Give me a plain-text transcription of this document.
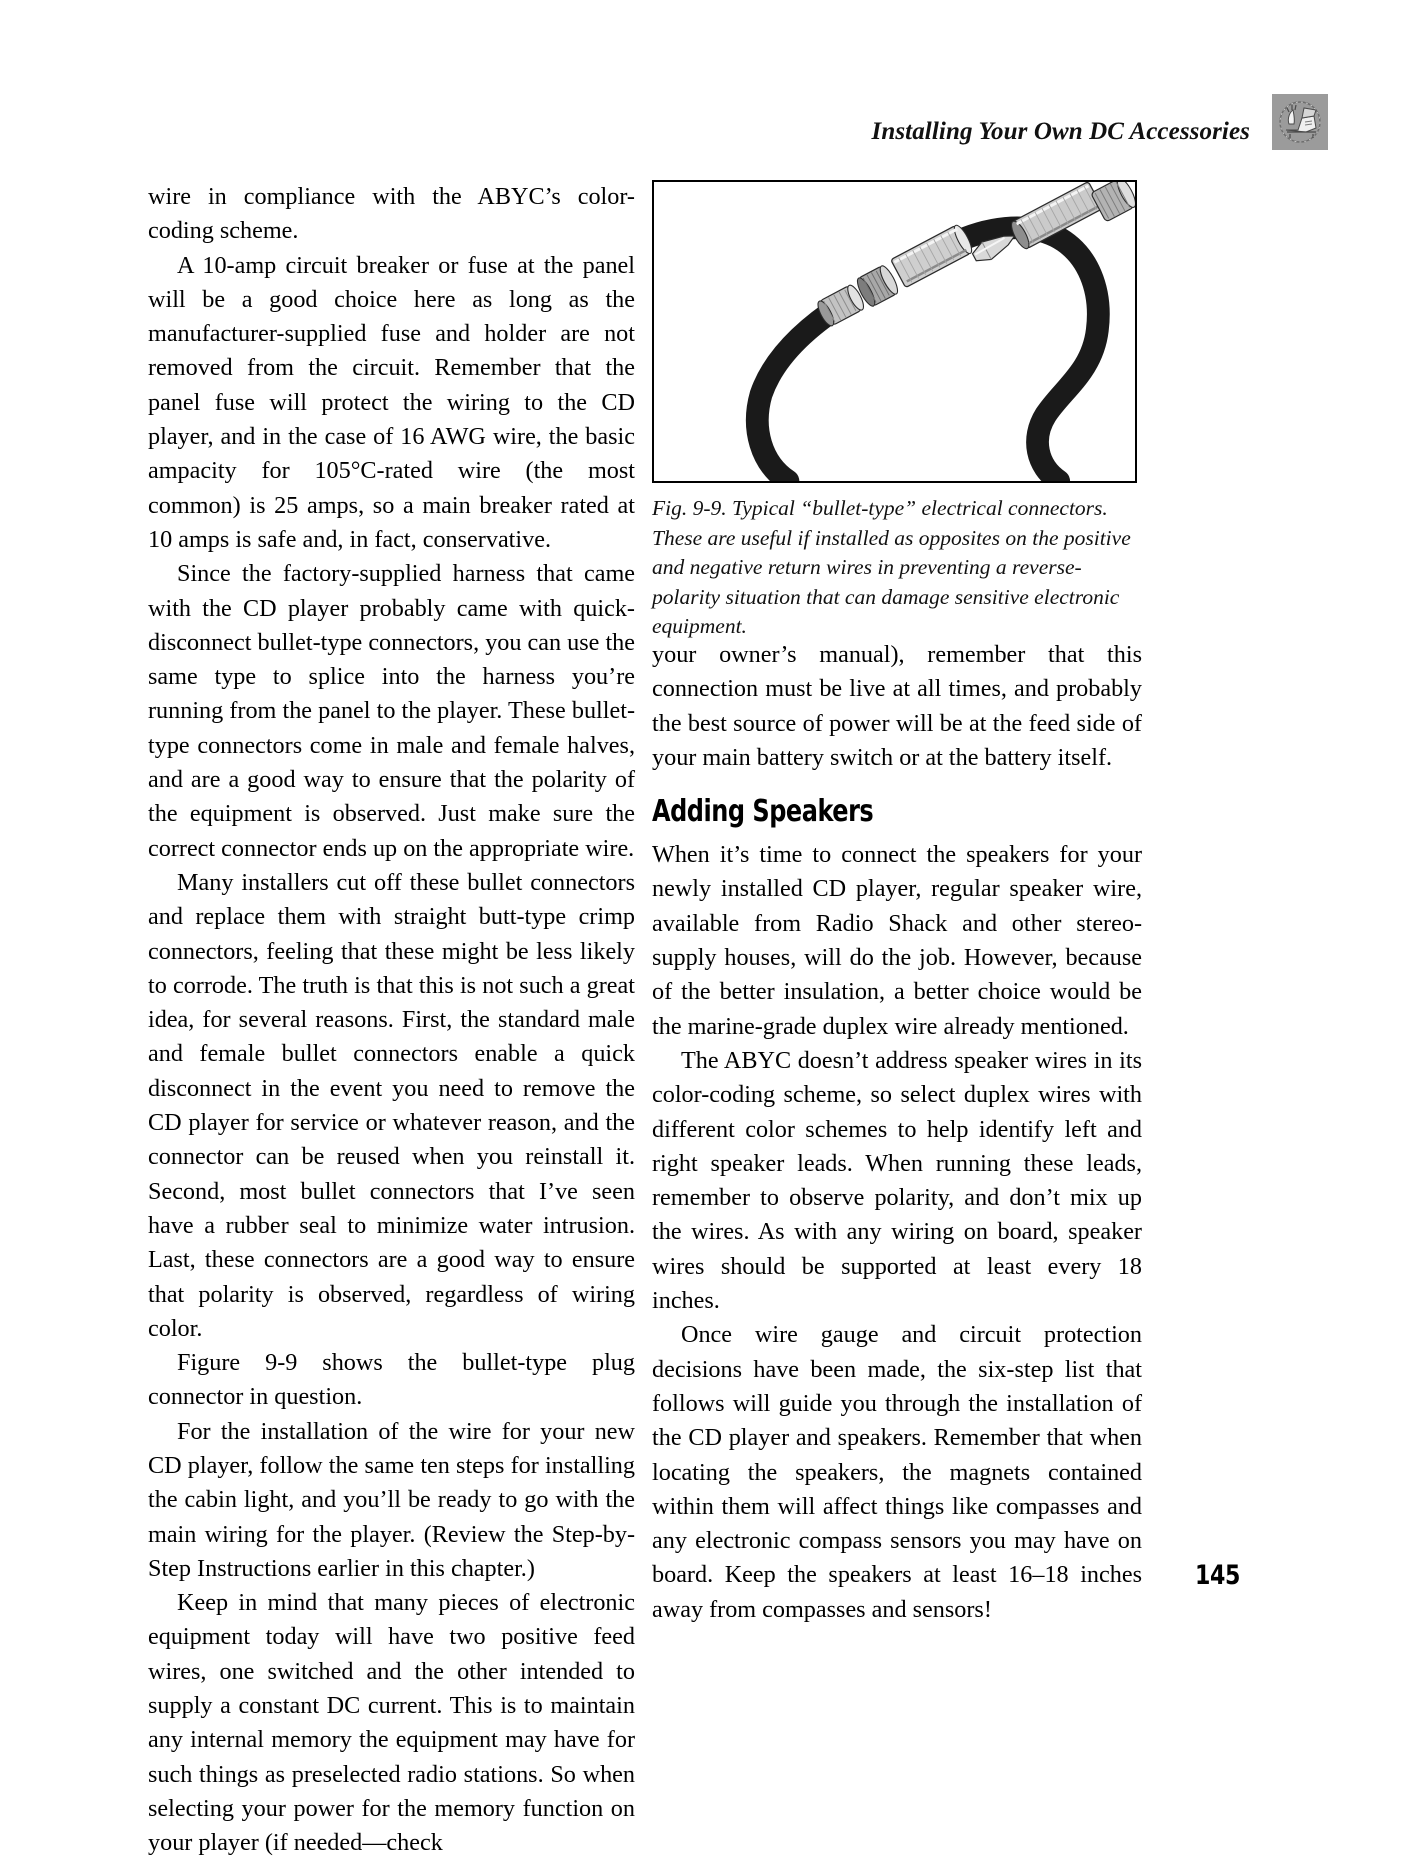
Installing Your Own DC Accessories
Fig. 9-9. Typical “bullet-type” electrical connectors. These are useful if installed as opposites on the positive and negative return wires in preventing a reverse-polarity situation that can damage sensitive electronic equipment.

wire in compliance with the ABYC’s color-coding scheme.

A 10-amp circuit breaker or fuse at the panel will be a good choice here as long as the manufacturer-supplied fuse and holder are not removed from the circuit. Remember that the panel fuse will protect the wiring to the CD player, and in the case of 16 AWG wire, the basic ampacity for 105°C-rated wire (the most common) is 25 amps, so a main breaker rated at 10 amps is safe and, in fact, conservative.

Since the factory-supplied harness that came with the CD player probably came with quick-disconnect bullet-type connectors, you can use the same type to splice into the harness you’re running from the panel to the player. These bullet-type connectors come in male and female halves, and are a good way to ensure that the polarity of the equipment is observed. Just make sure the correct connector ends up on the appropriate wire.

Many installers cut off these bullet connectors and replace them with straight butt-type crimp connectors, feeling that these might be less likely to corrode. The truth is that this is not such a great idea, for several reasons. First, the standard male and female bullet connectors enable a quick disconnect in the event you need to remove the CD player for service or whatever reason, and the connector can be reused when you reinstall it. Second, most bullet connectors that I’ve seen have a rubber seal to minimize water intrusion. Last, these connectors are a good way to ensure that polarity is observed, regardless of wiring color.

Figure 9-9 shows the bullet-type plug connector in question.

For the installation of the wire for your new CD player, follow the same ten steps for installing the cabin light, and you’ll be ready to go with the main wiring for the player. (Review the Step-by-Step Instructions earlier in this chapter.)

Keep in mind that many pieces of electronic equipment today will have two positive feed wires, one switched and the other intended to supply a constant DC current. This is to maintain any internal memory the equipment may have for such things as preselected radio stations. So when selecting your power for the memory function on your player (if needed—check

your owner’s manual), remember that this connection must be live at all times, and probably the best source of power will be at the feed side of your main battery switch or at the battery itself.

Adding Speakers

When it’s time to connect the speakers for your newly installed CD player, regular speaker wire, available from Radio Shack and other stereo-supply houses, will do the job. However, because of the better insulation, a better choice would be the marine-grade duplex wire already mentioned.

The ABYC doesn’t address speaker wires in its color-coding scheme, so select duplex wires with different color schemes to help identify left and right speaker leads. When running these leads, remember to observe polarity, and don’t mix up the wires. As with any wiring on board, speaker wires should be supported at least every 18 inches.

Once wire gauge and circuit protection decisions have been made, the six-step list that follows will guide you through the installation of the CD player and speakers. Remember that when locating the speakers, the magnets contained within them will affect things like compasses and any electronic compass sensors you may have on board. Keep the speakers at least 16–18 inches away from compasses and sensors!

145
